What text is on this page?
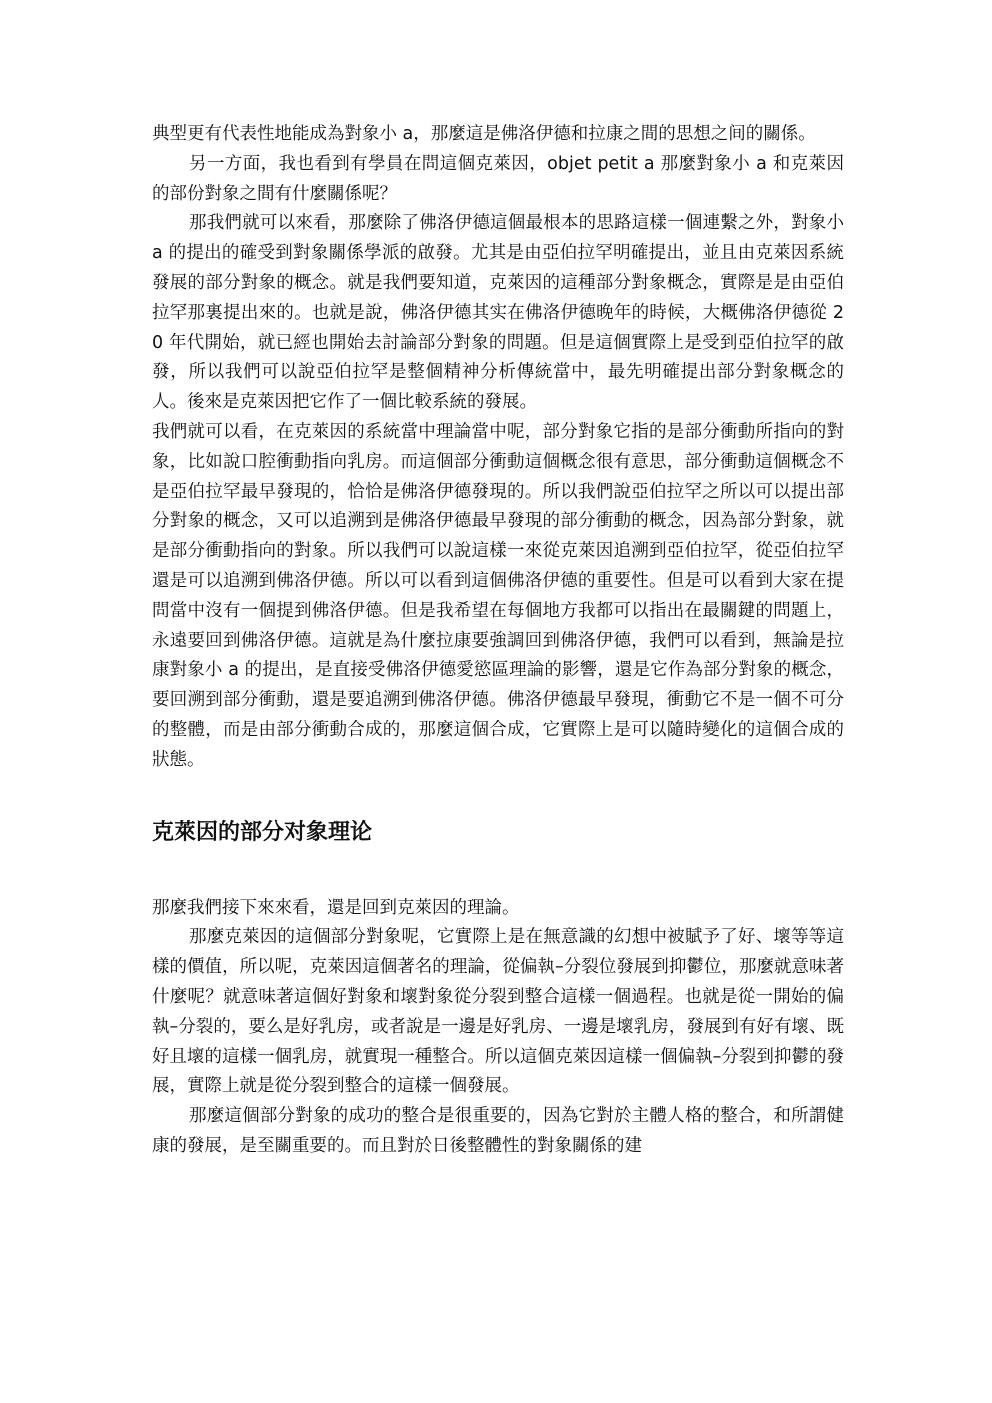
典型更有代表性地能成為對象小 a，那麼這是佛洛伊德和拉康之間的思想之间的關係。

另一方面，我也看到有學員在問這個克萊因，objet petit a 那麼對象小 a 和克萊因的部份對象之間有什麼關係呢？

那我們就可以來看，那麼除了佛洛伊德這個最根本的思路這樣一個連繫之外，對象小 a 的提出的確受到對象關係學派的啟發。尤其是由亞伯拉罕明確提出，並且由克萊因系統發展的部分對象的概念。就是我們要知道，克萊因的這種部分對象概念，實際是是由亞伯拉罕那裏提出來的。也就是說，佛洛伊德其实在佛洛伊德晚年的時候，大概佛洛伊德從 20 年代開始，就已經也開始去討論部分對象的問題。但是這個實際上是受到亞伯拉罕的啟發，所以我們可以說亞伯拉罕是整個精神分析傳統當中，最先明確提出部分對象概念的人。後來是克萊因把它作了一個比較系統的發展。

我們就可以看，在克萊因的系統當中理論當中呢，部分對象它指的是部分衝動所指向的對象，比如說口腔衝動指向乳房。而這個部分衝動這個概念很有意思，部分衝動這個概念不是亞伯拉罕最早發現的，恰恰是佛洛伊德發現的。所以我們說亞伯拉罕之所以可以提出部分對象的概念，又可以追溯到是佛洛伊德最早發現的部分衝動的概念，因為部分對象，就是部分衝動指向的對象。所以我們可以說這樣一來從克萊因追溯到亞伯拉罕，從亞伯拉罕還是可以追溯到佛洛伊德。所以可以看到這個佛洛伊德的重要性。但是可以看到大家在提問當中沒有一個提到佛洛伊德。但是我希望在每個地方我都可以指出在最關鍵的問題上，永遠要回到佛洛伊德。這就是為什麼拉康要強調回到佛洛伊德，我們可以看到，無論是拉康對象小 a 的提出，是直接受佛洛伊德愛慾區理論的影響，還是它作為部分對象的概念，要回溯到部分衝動，還是要追溯到佛洛伊德。佛洛伊德最早發現，衝動它不是一個不可分的整體，而是由部分衝動合成的，那麼這個合成，它實際上是可以隨時變化的這個合成的狀態。

克萊因的部分对象理论

那麼我們接下來來看，還是回到克萊因的理論。

那麼克萊因的這個部分對象呢，它實際上是在無意識的幻想中被賦予了好、壞等等這樣的價值，所以呢，克萊因這個著名的理論，從偏執–分裂位發展到抑鬱位，那麼就意味著什麼呢？就意味著這個好對象和壞對象從分裂到整合這樣一個過程。也就是從一開始的偏執–分裂的，要么是好乳房，或者說是一邊是好乳房、一邊是壞乳房，發展到有好有壞、既好且壞的這樣一個乳房，就實現一種整合。所以這個克萊因這樣一個偏執–分裂到抑鬱的發展，實際上就是從分裂到整合的這樣一個發展。

那麼這個部分對象的成功的整合是很重要的，因為它對於主體人格的整合，和所謂健康的發展，是至關重要的。而且對於日後整體性的對象關係的建
